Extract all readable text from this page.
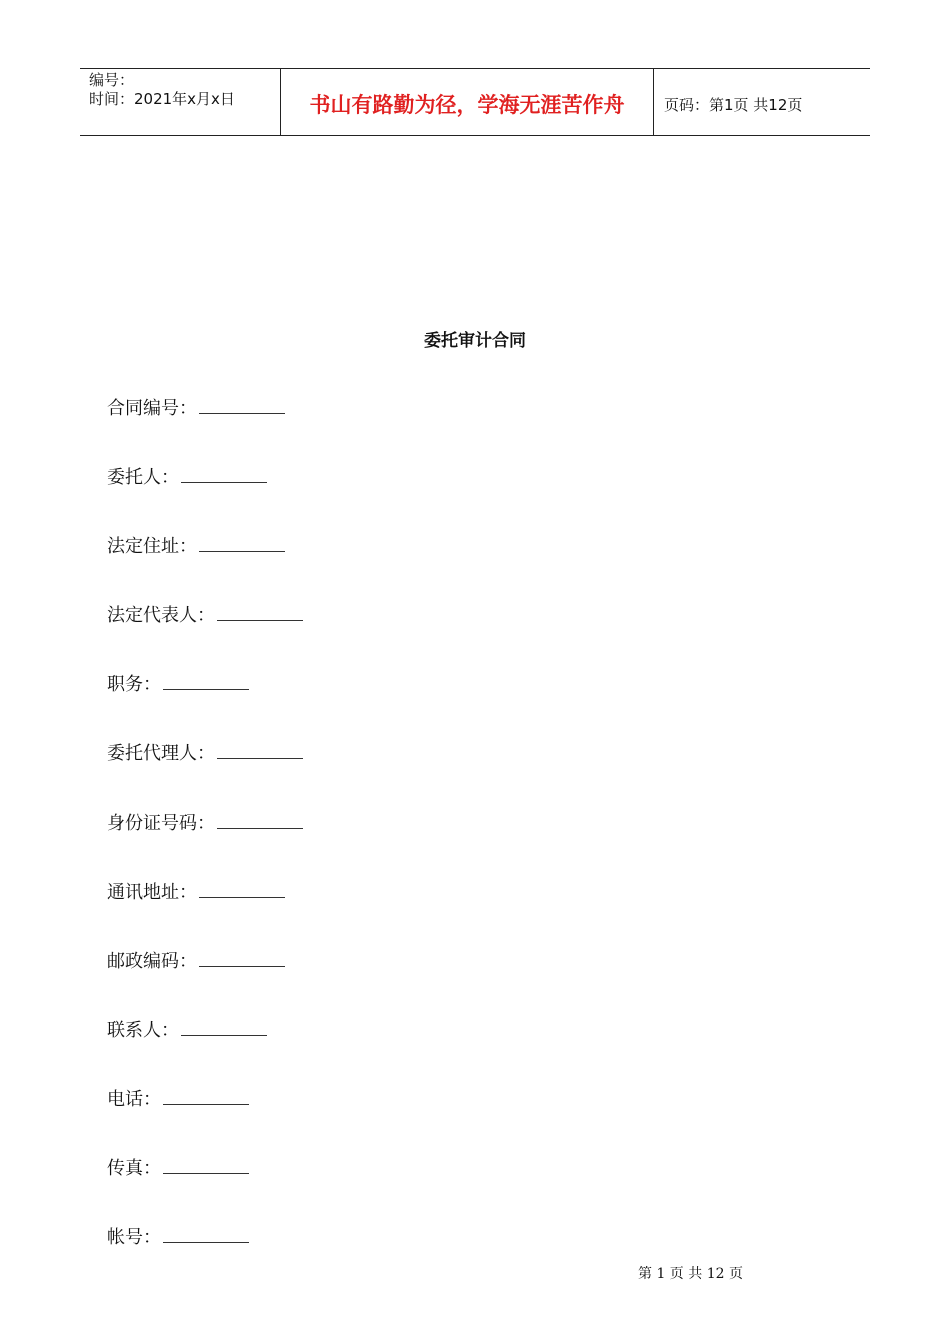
编号：
时间：2021年x月x日	书山有路勤为径，学海无涯苦作舟	页码：第1页 共12页
委托审计合同
合同编号：
委托人：
法定住址：
法定代表人：
职务：
委托代理人：
身份证号码：
通讯地址：
邮政编码：
联系人：
电话：
传真：
帐号：
第 1 页 共 12 页
